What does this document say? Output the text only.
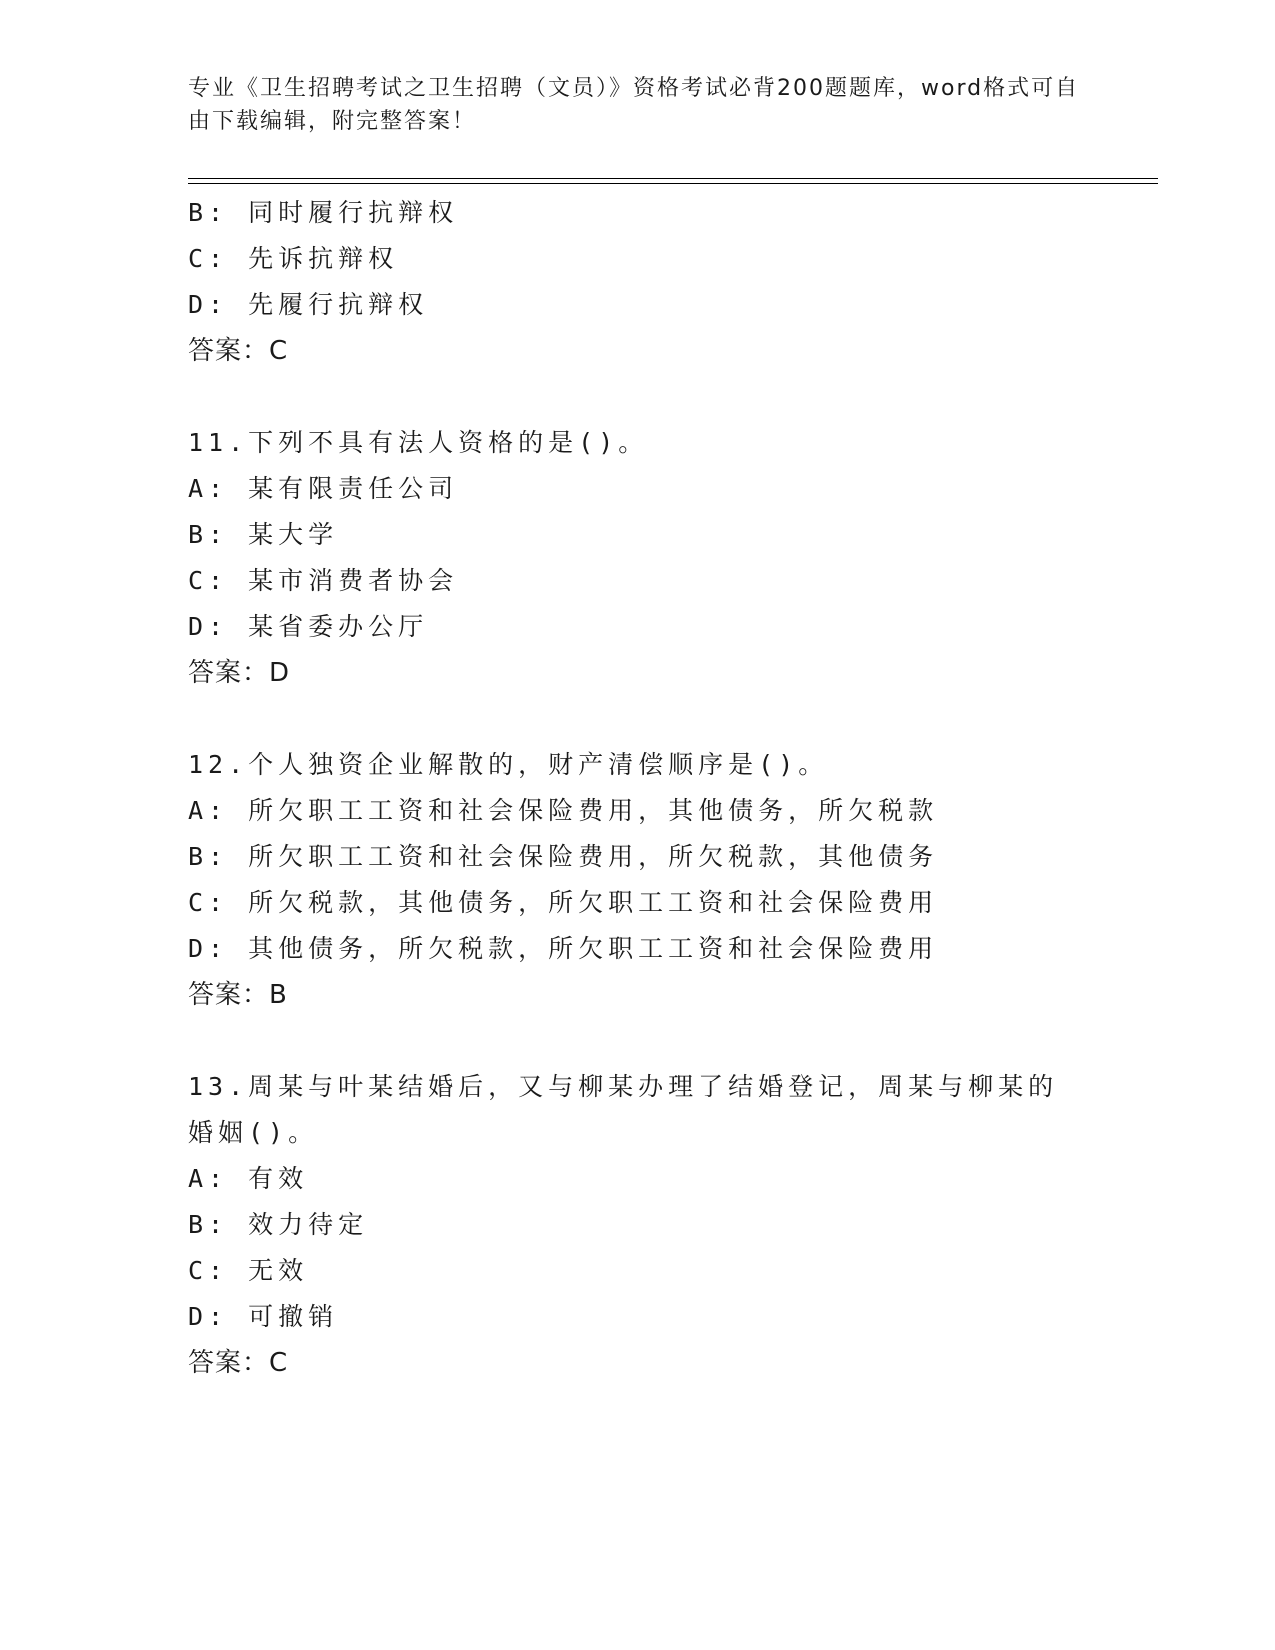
专业《卫生招聘考试之卫生招聘（文员）》资格考试必背200题题库，word格式可自由下载编辑，附完整答案！
B: 同时履行抗辩权
C: 先诉抗辩权
D: 先履行抗辩权
答案：C
11.下列不具有法人资格的是()。
A: 某有限责任公司
B: 某大学
C: 某市消费者协会
D: 某省委办公厅
答案：D
12.个人独资企业解散的，财产清偿顺序是()。
A: 所欠职工工资和社会保险费用，其他债务，所欠税款
B: 所欠职工工资和社会保险费用，所欠税款，其他债务
C: 所欠税款，其他债务，所欠职工工资和社会保险费用
D: 其他债务，所欠税款，所欠职工工资和社会保险费用
答案：B
13.周某与叶某结婚后，又与柳某办理了结婚登记，周某与柳某的婚姻()。
A: 有效
B: 效力待定
C: 无效
D: 可撤销
答案：C
